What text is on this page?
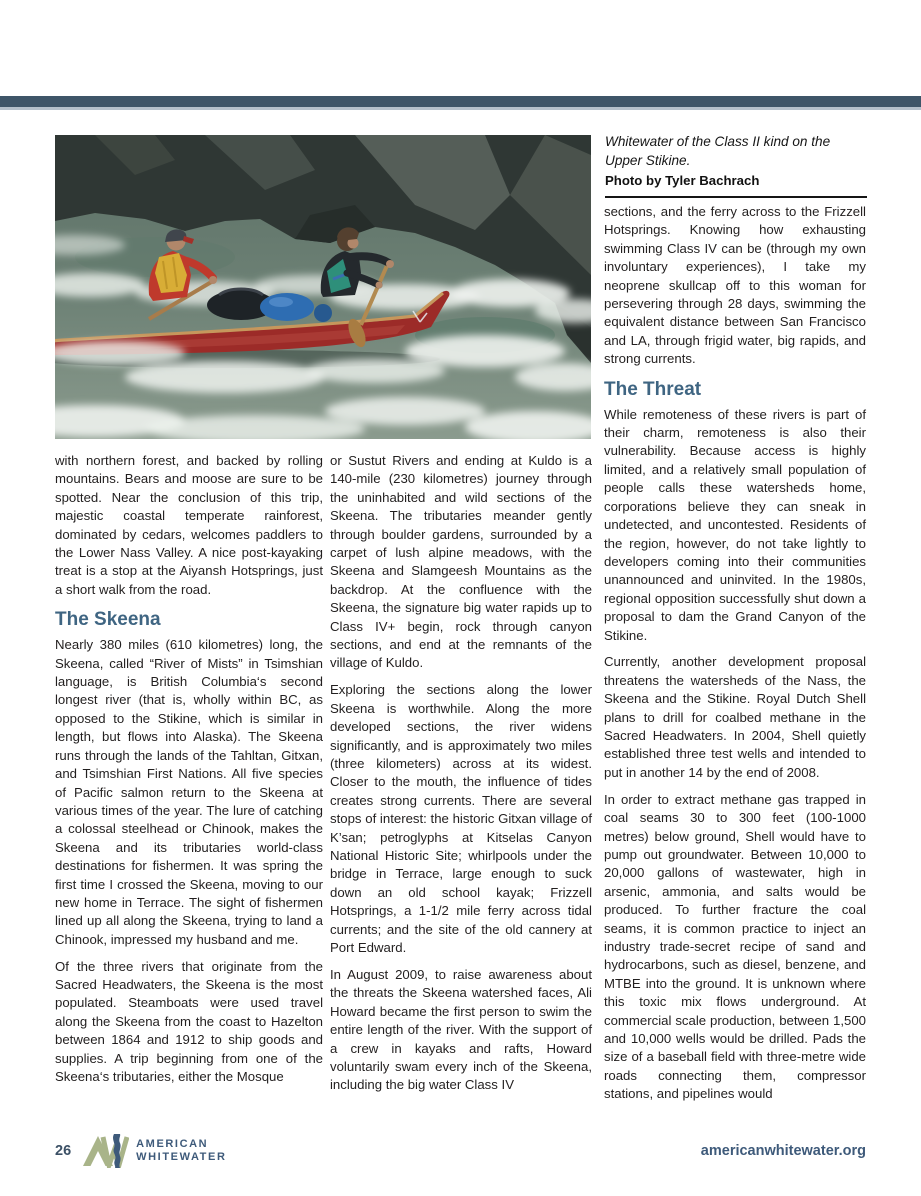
Whitewater of the Class II kind on the Upper Stikine.
Photo by Tyler Bachrach

with northern forest, and backed by rolling mountains. Bears and moose are sure to be spotted. Near the conclusion of this trip, majestic coastal temperate rainforest, dominated by cedars, welcomes paddlers to the Lower Nass Valley. A nice post-kayaking treat is a stop at the Aiyansh Hotsprings, just a short walk from the road.

The Skeena

Nearly 380 miles (610 kilometres) long, the Skeena, called “River of Mists” in Tsimshian language, is British Columbia‘s second longest river (that is, wholly within BC, as opposed to the Stikine, which is similar in length, but flows into Alaska). The Skeena runs through the lands of the Tahltan, Gitxan, and Tsimshian First Nations. All five species of Pacific salmon return to the Skeena at various times of the year. The lure of catching a colossal steelhead or Chinook, makes the Skeena and its tributaries world-class destinations for fishermen. It was spring the first time I crossed the Skeena, moving to our new home in Terrace. The sight of fishermen lined up all along the Skeena, trying to land a Chinook, impressed my husband and me.

Of the three rivers that originate from the Sacred Headwaters, the Skeena is the most populated. Steamboats were used travel along the Skeena from the coast to Hazelton between 1864 and 1912 to ship goods and supplies. A trip beginning from one of the Skeena‘s tributaries, either the Mosque

or Sustut Rivers and ending at Kuldo is a 140-mile (230 kilometres) journey through the uninhabited and wild sections of the Skeena. The tributaries meander gently through boulder gardens, surrounded by a carpet of lush alpine meadows, with the Skeena and Slamgeesh Mountains as the backdrop. At the confluence with the Skeena, the signature big water rapids up to Class IV+ begin, rock through canyon sections, and end at the remnants of the village of Kuldo.

Exploring the sections along the lower Skeena is worthwhile. Along the more developed sections, the river widens significantly, and is approximately two miles (three kilometers) across at its widest. Closer to the mouth, the influence of tides creates strong currents. There are several stops of interest: the historic Gitxan village of K’san; petroglyphs at Kitselas Canyon National Historic Site; whirlpools under the bridge in Terrace, large enough to suck down an old school kayak; Frizzell Hotsprings, a 1-1/2 mile ferry across tidal currents; and the site of the old cannery at Port Edward.

In August 2009, to raise awareness about the threats the Skeena watershed faces, Ali Howard became the first person to swim the entire length of the river. With the support of a crew in kayaks and rafts, Howard voluntarily swam every inch of the Skeena, including the big water Class IV

sections, and the ferry across to the Frizzell Hotsprings. Knowing how exhausting swimming Class IV can be (through my own involuntary experiences), I take my neoprene skullcap off to this woman for persevering through 28 days, swimming the equivalent distance between San Francisco and LA, through frigid water, big rapids, and strong currents.

The Threat

While remoteness of these rivers is part of their charm, remoteness is also their vulnerability. Because access is highly limited, and a relatively small population of people calls these watersheds home, corporations believe they can sneak in undetected, and uncontested. Residents of the region, however, do not take lightly to developers coming into their communities unannounced and uninvited. In the 1980s, regional opposition successfully shut down a proposal to dam the Grand Canyon of the Stikine.

Currently, another development proposal threatens the watersheds of the Nass, the Skeena and the Stikine. Royal Dutch Shell plans to drill for coalbed methane in the Sacred Headwaters. In 2004, Shell quietly established three test wells and intended to put in another 14 by the end of 2008.

In order to extract methane gas trapped in coal seams 30 to 300 feet (100-1000 metres) below ground, Shell would have to pump out groundwater. Between 10,000 to 20,000 gallons of wastewater, high in arsenic, ammonia, and salts would be produced. To further fracture the coal seams, it is common practice to inject an industry trade-secret recipe of sand and hydrocarbons, such as diesel, benzene, and MTBE into the ground. It is unknown where this toxic mix flows underground. At commercial scale production, between 1,500 and 10,000 wells would be drilled. Pads the size of a baseball field with three-metre wide roads connecting them, compressor stations, and pipelines would

26	AMERICAN
WHITEWATER	americanwhitewater.org
